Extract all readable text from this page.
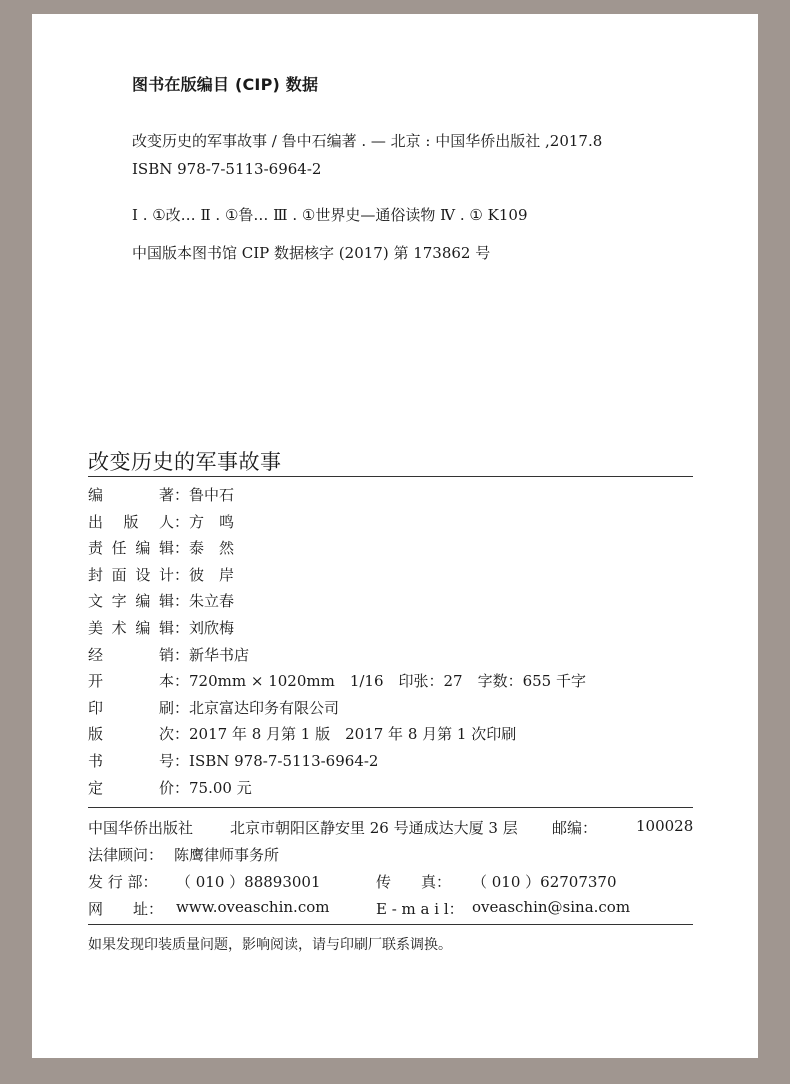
图书在版编目 (CIP) 数据
改变历史的军事故事 / 鲁中石编著 . — 北京 : 中国华侨出版社 ,2017.8
ISBN 978-7-5113-6964-2
Ⅰ . ①改… Ⅱ . ①鲁… Ⅲ . ①世界史—通俗读物 Ⅳ . ① K109
中国版本图书馆 CIP 数据核字 (2017) 第 173862 号
改变历史的军事故事
编著 ： 鲁中石
出版人 ： 方　鸣
责任编辑 ： 泰　然
封面设计 ： 彼　岸
文字编辑 ： 朱立春
美术编辑 ： 刘欣梅
经销 ： 新华书店
开本 ： 720mm × 1020mm　1/16　印张：27　字数：655 千字
印刷 ： 北京富达印务有限公司
版次 ： 2017 年 8 月第 1 版　2017 年 8 月第 1 次印刷
书号 ： ISBN 978-7-5113-6964-2
定价 ： 75.00 元
中国华侨出版社 北京市朝阳区静安里 26 号通成达大厦 3 层 邮编：	100028
法律顾问： 陈鹰律师事务所
发 行 部： （ 010 ）88893001	传　　真： （ 010 ）62707370
网　　址： www.oveaschin.com	E - m a i l： oveaschin@sina.com
如果发现印装质量问题，影响阅读，请与印刷厂联系调换。
